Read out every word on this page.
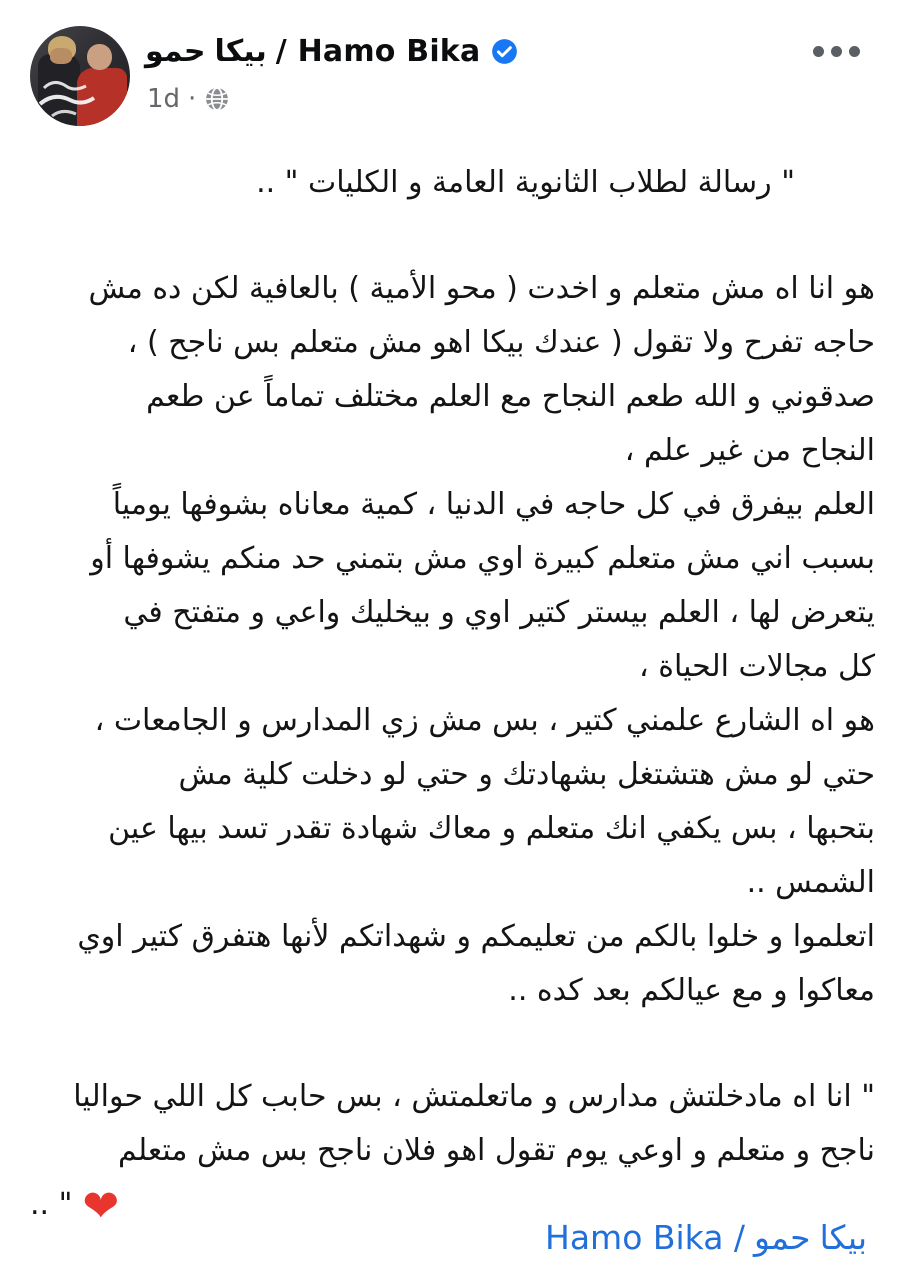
حمو بيكا / Hamo Bika
1d ·
" رسالة لطلاب الثانوية العامة و الكليات " ..
هو انا اه مش متعلم و اخدت ( محو الأمية ) بالعافية لكن ده مش
حاجه تفرح ولا تقول ( عندك بيكا اهو مش متعلم بس ناجح ) ،
صدقوني و الله طعم النجاح مع العلم مختلف تماماً عن طعم
النجاح من غير علم ،
العلم بيفرق في كل حاجه في الدنيا ، كمية معاناه بشوفها يومياً
بسبب اني مش متعلم كبيرة اوي مش بتمني حد منكم يشوفها أو
يتعرض لها ، العلم بيستر كتير اوي و بيخليك واعي و متفتح في
كل مجالات الحياة ،
هو اه الشارع علمني كتير ، بس مش زي المدارس و الجامعات ،
حتي لو مش هتشتغل بشهادتك و حتي لو دخلت كلية مش
بتحبها ، بس يكفي انك متعلم و معاك شهادة تقدر تسد بيها عين
الشمس ..
اتعلموا و خلوا بالكم من تعليمكم و شهداتكم لأنها هتفرق كتير اوي
معاكوا و مع عيالكم بعد كده ..
" انا اه مادخلتش مدارس و ماتعلمتش ، بس حابب كل اللي حواليا
ناجح و متعلم و اوعي يوم تقول اهو فلان ناجح بس مش متعلم
" .. ❤
Hamo Bika / حمو بيكا
